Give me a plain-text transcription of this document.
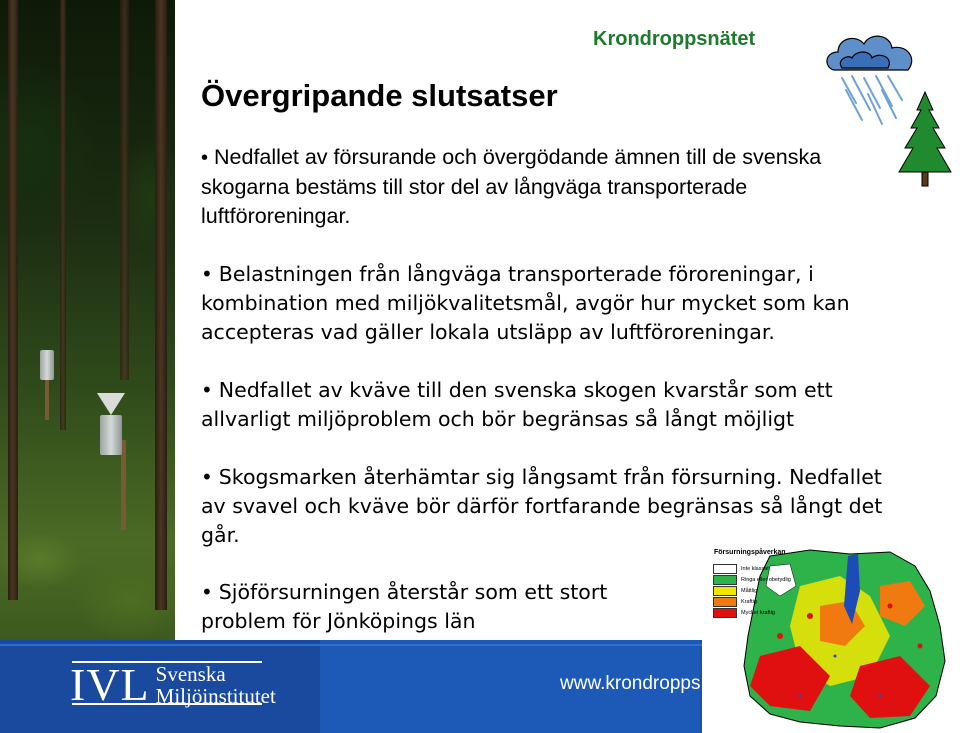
Krondroppsnätet
Övergripande slutsatser
• Nedfallet av försurande och övergödande ämnen till de svenska skogarna bestäms till stor del av långväga transporterade luftföroreningar.
• Belastningen från långväga transporterade föroreningar, i kombination med miljökvalitetsmål, avgör hur mycket som kan accepteras vad gäller lokala utsläpp av luftföroreningar.
• Nedfallet av kväve till den svenska skogen kvarstår som ett allvarligt miljöproblem och bör begränsas så långt möjligt
• Skogsmarken återhämtar sig långsamt från försurning. Nedfallet av svavel och kväve bör därför fortfarande begränsas så långt det går.
• Sjöförsurningen återstår som ett stort problem för Jönköpings län
IVL Svenska
Miljöinstitutet
www.krondropps
Försurningspåverkan
Inte klassat
Ringa eller obetydlig
Måttlig
Kraftig
Mycket kraftig
